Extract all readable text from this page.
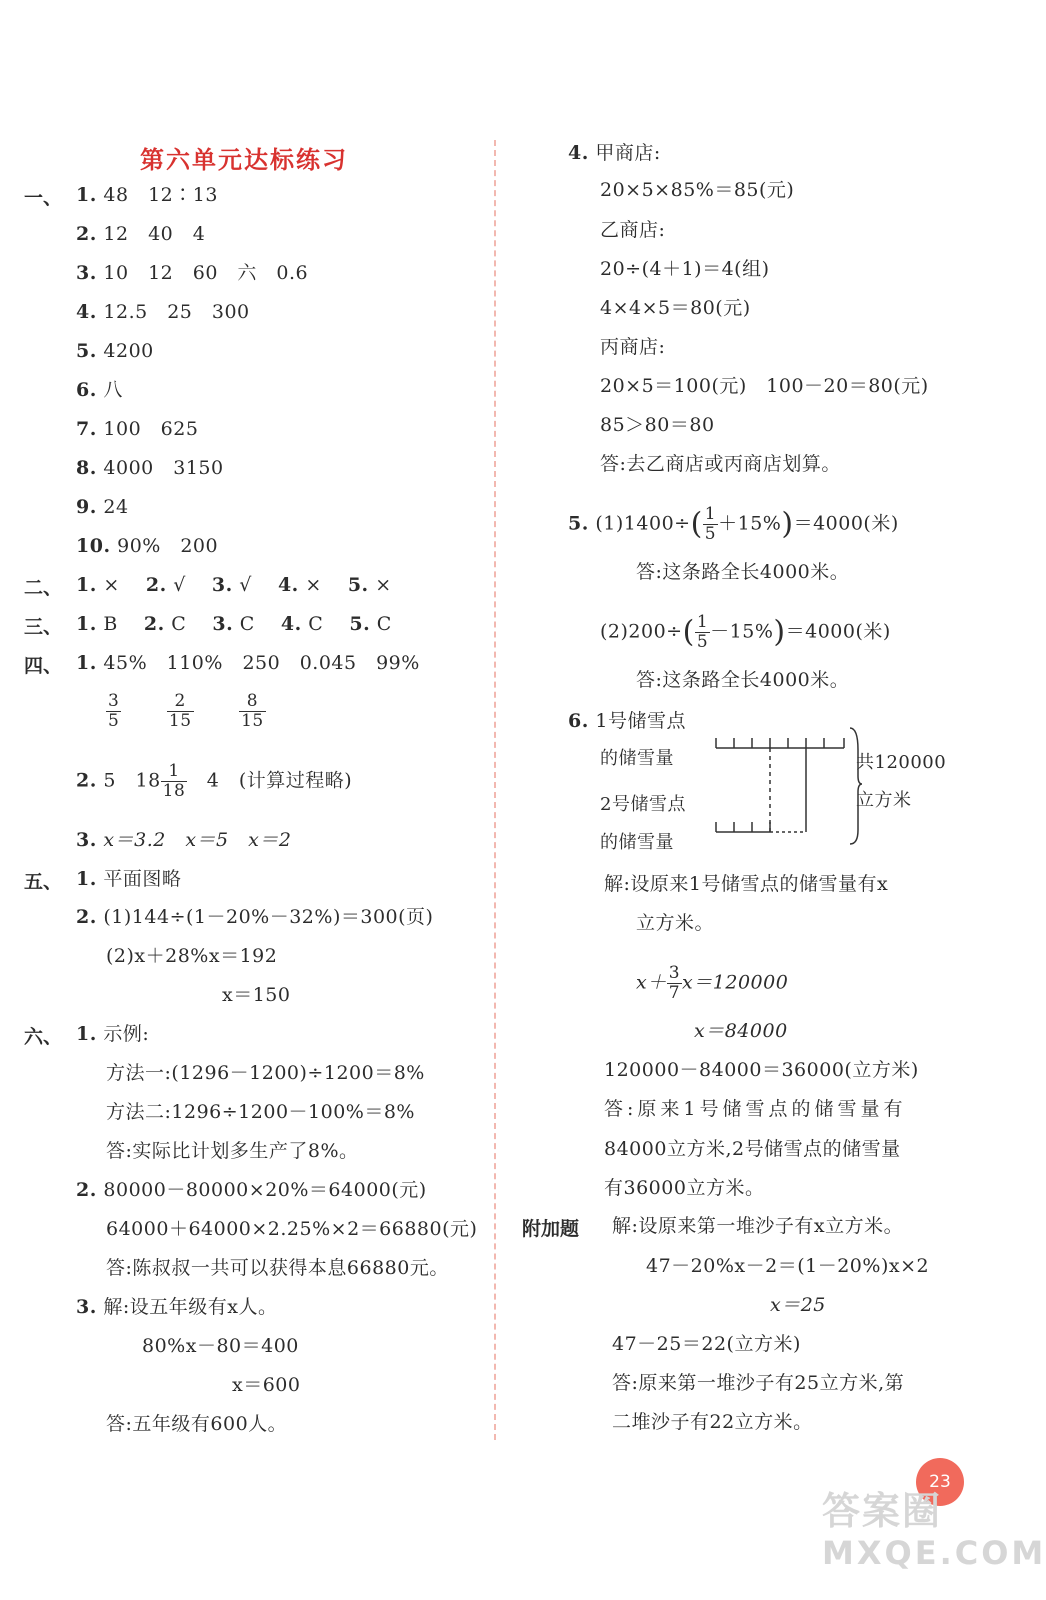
第六单元达标练习
一、 1. 48　12∶13
2. 12　40　4
3. 10　12　60　六　0.6
4. 12.5　25　300
5. 4200
6. 八
7. 100　625
8. 4000　3150
9. 24
10. 90%　200
二、 1. ×　 2. √　 3. √　 4. ×　 5. ×
三、 1. B　 2. C　 3. C　 4. C　 5. C
四、 1. 45%　110%　250　0.045　99%
$\frac{3}{5}$
　　	$\frac{2}{15}$
　　	$\frac{8}{15}$
2. 5　$18 \frac{1}{18}$ 　4　(计算过程略)
3. x＝3.2　x＝5　x＝2
五、 1. 平面图略
2. (1)144÷(1－20%－32%)＝300(页)
(2)x＋28%x＝192
x＝150
六、 1. 示例:
方法一:(1296－1200)÷1200＝8%
方法二:1296÷1200－100%＝8%
答:实际比计划多生产了8%。
2. 80000－80000×20%＝64000(元)
64000＋64000×2.25%×2＝66880(元)
答:陈叔叔一共可以获得本息66880元。
3. 解:设五年级有x人。
80%x－80＝400
x＝600
答:五年级有600人。
4. 甲商店:
20×5×85%＝85(元)
乙商店:
20÷(4＋1)＝4(组)
4×4×5＝80(元)
丙商店:
20×5＝100(元)　100－20＝80(元)
85＞80＝80
答:去乙商店或丙商店划算。
5. $(1)1400\div( \frac{1}{5} +15\%)=4000$(米)
答:这条路全长4000米。
$(2)200\div( \frac{1}{5} -15\%)=4000$(米)
答:这条路全长4000米。
6. 1号储雪点
的储雪量
2号储雪点
的储雪量
共120000
立方米
解:设原来1号储雪点的储雪量有x
立方米。
$x+ \frac{3}{7} x=120000$
x＝84000
120000－84000＝36000(立方米)
答:原来1号储雪点的储雪量有
84000立方米,2号储雪点的储雪量
有36000立方米。
附加题 解:设原来第一堆沙子有x立方米。
47－20%x－2＝(1－20%)x×2
x＝25
47－25＝22(立方米)
答:原来第一堆沙子有25立方米,第
二堆沙子有22立方米。
23
答案圈
MXQE.COM
